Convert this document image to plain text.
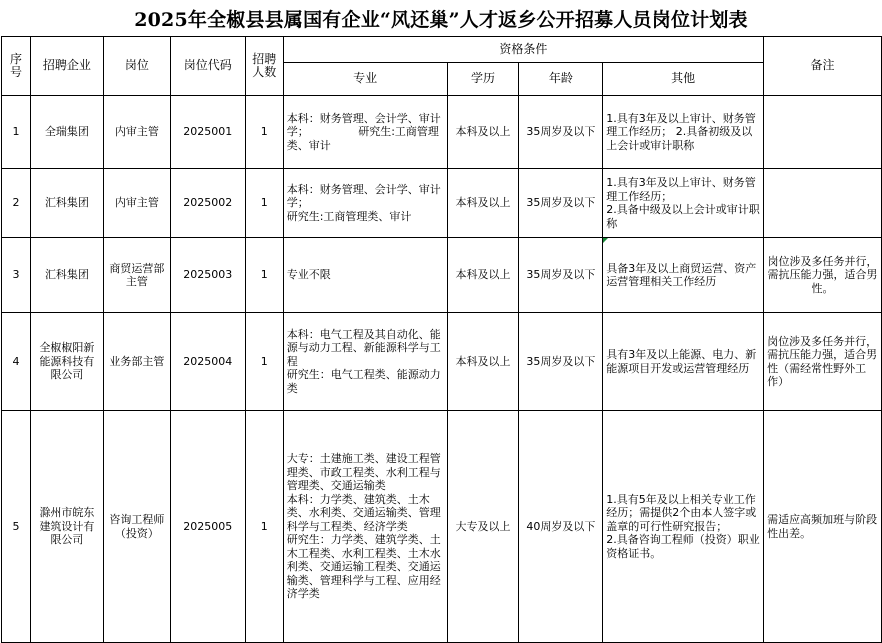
2025年全椒县县属国有企业“风还巢”人才返乡公开招募人员岗位计划表
序号	招聘企业	岗位	岗位代码	招聘人数	资格条件				备注
					专业	学历	年龄	其他	
1	全瑞集团	内审主管	2025001	1	本科：财务管理、会计学、审计学；　　　　　研究生:工商管理类、审计	本科及以上	35周岁及以下	1.具有3年及以上审计、财务管理工作经历； 2.具备初级及以上会计或审计职称	
2	汇科集团	内审主管	2025002	1	本科：财务管理、会计学、审计学；
研究生:工商管理类、审计	本科及以上	35周岁及以下	1.具有3年及以上审计、财务管理工作经历；
2.具备中级及以上会计或审计职称	
3	汇科集团	商贸运营部主管	2025003	1	专业不限	本科及以上	35周岁及以下	具备3年及以上商贸运营、资产运营管理相关工作经历	岗位涉及多任务并行，需抗压能力强，适合男性。
4	全椒椒阳新能源科技有限公司	业务部主管	2025004	1	本科：电气工程及其自动化、能源与动力工程、新能源科学与工程
研究生：电气工程类、能源动力类	本科及以上	35周岁及以下	具有3年及以上能源、电力、新能源项目开发或运营管理经历	岗位涉及多任务并行，需抗压能力强，适合男性（需经常性野外工作）
5	滁州市皖东建筑设计有限公司	咨询工程师（投资）	2025005	1	大专：土建施工类、建设工程管理类、市政工程类、水利工程与管理类、交通运输类
本科：力学类、建筑类、土木类、水利类、交通运输类、管理科学与工程类、经济学类
研究生：力学类、建筑学类、土木工程类、水利工程类、土木水利类、交通运输工程类、交通运输类、管理科学与工程、应用经济学类	大专及以上	40周岁及以下	1.具有5年及以上相关专业工作经历；需提供2个由本人签字或盖章的可行性研究报告；
2.具备咨询工程师（投资）职业资格证书。	需适应高频加班与阶段性出差。
